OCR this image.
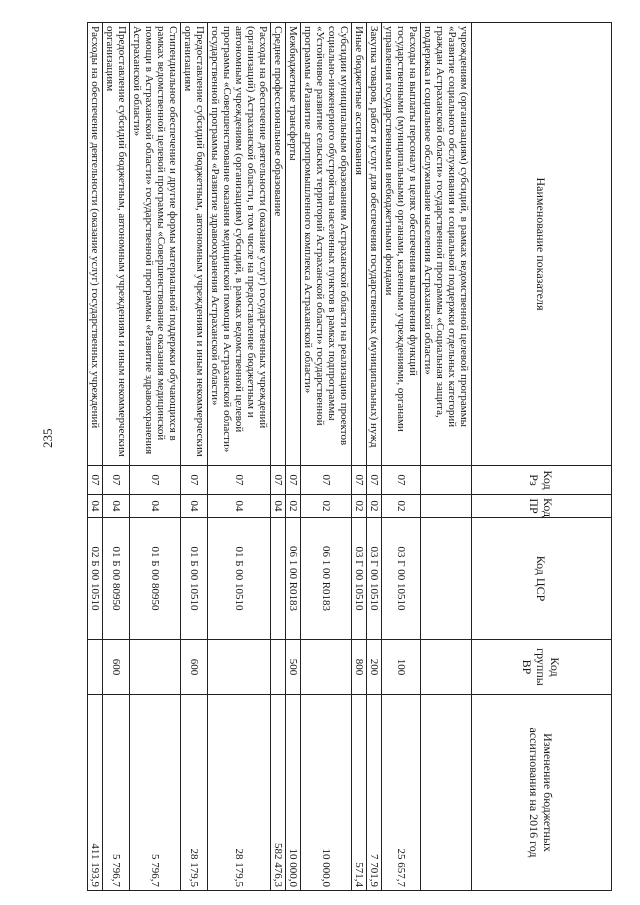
235
Наименование показателя	Код Рз	Код ПР	Код ЦСР	Код группы ВР	Изменение бюджетных ассигнования на 2016 год
учреждениям (организациям) субсидий, в рамках ведомственной целевой программы «Развитие социального обслуживания и социальной поддержки отдельных категорий граждан Астраханской области» государственной программы «Социальная защита, поддержка и социальное обслуживание населения Астраханской области»					
Расходы на выплаты персоналу в целях обеспечения выполнения функций государственными (муниципальными) органами, казенными учреждениями, органами управления государственными внебюджетными фондами	07	02	03 Г 00 10510	100	25 657,7
Закупка товаров, работ и услуг для обеспечения государственных (муниципальных) нужд	07	02	03 Г 00 10510	200	7 701,9
Иные бюджетные ассигнования	07	02	03 Г 00 10510	800	571,4
Субсидии муниципальным образованиям Астраханской области на реализацию проектов социально-инженерного обустройства населенных пунктов в рамках подпрограммы «Устойчивое развитие сельских территорий Астраханской области» государственной программы «Развитие агропромышленного комплекса Астраханской области»	07	02	06 1 00 R0183		10 000,0
Межбюджетные трансферты	07	02	06 1 00 R0183	500	10 000,0
Среднее профессиональное образование	07	04			582 476,3
Расходы на обеспечение деятельности (оказание услуг) государственных учреждений (организаций) Астраханской области, в том числе на предоставление бюджетным и автономным учреждениям (организациям) субсидий, в рамках ведомственной целевой программы «Совершенствование оказания медицинской помощи в Астраханской области» государственной программы «Развитие здравоохранения Астраханской области»	07	04	01 Б 00 10510		28 179,5
Предоставление субсидий бюджетным, автономным учреждениям и иным некоммерческим организациям	07	04	01 Б 00 10510	600	28 179,5
Стипендиальное обеспечение и другие формы материальной поддержки обучающихся в рамках ведомственной целевой программы «Совершенствование оказания медицинской помощи в Астраханской области» государственной программы «Развитие здравоохранения Астраханской области»	07	04	01 Б 00 80950		5 796,7
Предоставление субсидий бюджетным, автономным учреждениям и иным некоммерческим организациям	07	04	01 Б 00 80950	600	5 796,7
Расходы на обеспечение деятельности (оказание услуг) государственных учреждений	07	04	02 Б 00 10510		411 193,9
